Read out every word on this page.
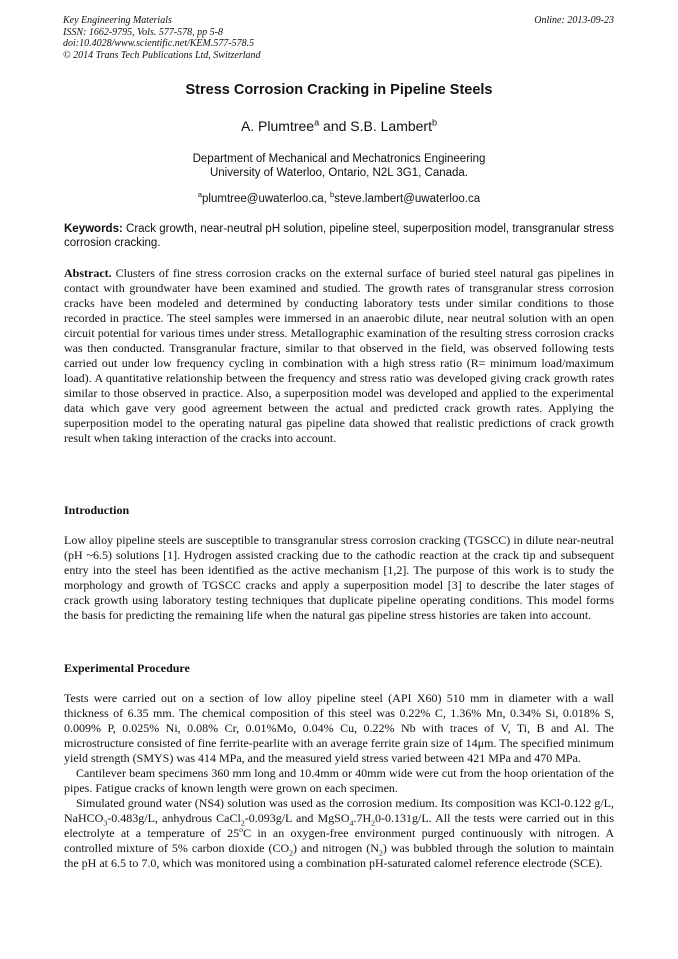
Key Engineering Materials
ISSN: 1662-9795, Vols. 577-578, pp 5-8
doi:10.4028/www.scientific.net/KEM.577-578.5
© 2014 Trans Tech Publications Ltd, Switzerland
Online: 2013-09-23
Stress Corrosion Cracking in Pipeline Steels
A. Plumtree$^a$ and S.B. Lambert$^b$
Department of Mechanical and Mechatronics Engineering
University of Waterloo, Ontario, N2L 3G1, Canada.
$^a$plumtree@uwaterloo.ca, $^b$steve.lambert@uwaterloo.ca
Keywords: Crack growth, near-neutral pH solution, pipeline steel, superposition model, transgranular stress corrosion cracking.
Abstract. Clusters of fine stress corrosion cracks on the external surface of buried steel natural gas pipelines in contact with groundwater have been examined and studied. The growth rates of transgranular stress corrosion cracks have been modeled and determined by conducting laboratory tests under similar conditions to those recorded in practice. The steel samples were immersed in an anaerobic dilute, near neutral solution with an open circuit potential for various times under stress. Metallographic examination of the resulting stress corrosion cracks was then conducted. Transgranular fracture, similar to that observed in the field, was observed following tests carried out under low frequency cycling in combination with a high stress ratio (R= minimum load/maximum load). A quantitative relationship between the frequency and stress ratio was developed giving crack growth rates similar to those observed in practice. Also, a superposition model was developed and applied to the experimental data which gave very good agreement between the actual and predicted crack growth rates. Applying the superposition model to the operating natural gas pipeline data showed that realistic predictions of crack growth result when taking interaction of the cracks into account.
Introduction
Low alloy pipeline steels are susceptible to transgranular stress corrosion cracking (TGSCC) in dilute near-neutral (pH ~6.5) solutions [1]. Hydrogen assisted cracking due to the cathodic reaction at the crack tip and subsequent entry into the steel has been identified as the active mechanism [1,2]. The purpose of this work is to study the morphology and growth of TGSCC cracks and apply a superposition model [3] to describe the later stages of crack growth using laboratory testing techniques that duplicate pipeline operating conditions. This model forms the basis for predicting the remaining life when the natural gas pipeline stress histories are taken into account.
Experimental Procedure

Tests were carried out on a section of low alloy pipeline steel (API X60) 510 mm in diameter with a wall thickness of 6.35 mm. The chemical composition of this steel was 0.22% C, 1.36% Mn, 0.34% Si, 0.018% S, 0.009% P, 0.025% Ni, 0.08% Cr, 0.01%Mo, 0.04% Cu, 0.22% Nb with traces of V, Ti, B and Al. The microstructure consisted of fine ferrite-pearlite with an average ferrite grain size of 14μm. The specified minimum yield strength (SMYS) was 414 MPa, and the measured yield stress varied between 421 MPa and 470 MPa.

Cantilever beam specimens 360 mm long and 10.4mm or 40mm wide were cut from the hoop orientation of the pipes. Fatigue cracks of known length were grown on each specimen.

Simulated ground water (NS4) solution was used as the corrosion medium. Its composition was KCl-0.122 g/L, NaHCO$_3$-0.483g/L, anhydrous CaCl$_2$-0.093g/L and $MgSO_4.7H_20-0.131g/L$. All the tests were carried out in this electrolyte at a temperature of 25$^o$C in an oxygen-free environment purged continuously with nitrogen. A controlled mixture of 5% carbon dioxide $(CO_2)$ and nitrogen $(N_2)$ was bubbled through the solution to maintain the pH at 6.5 to 7.0, which was monitored using a combination pH-saturated calomel reference electrode (SCE).
